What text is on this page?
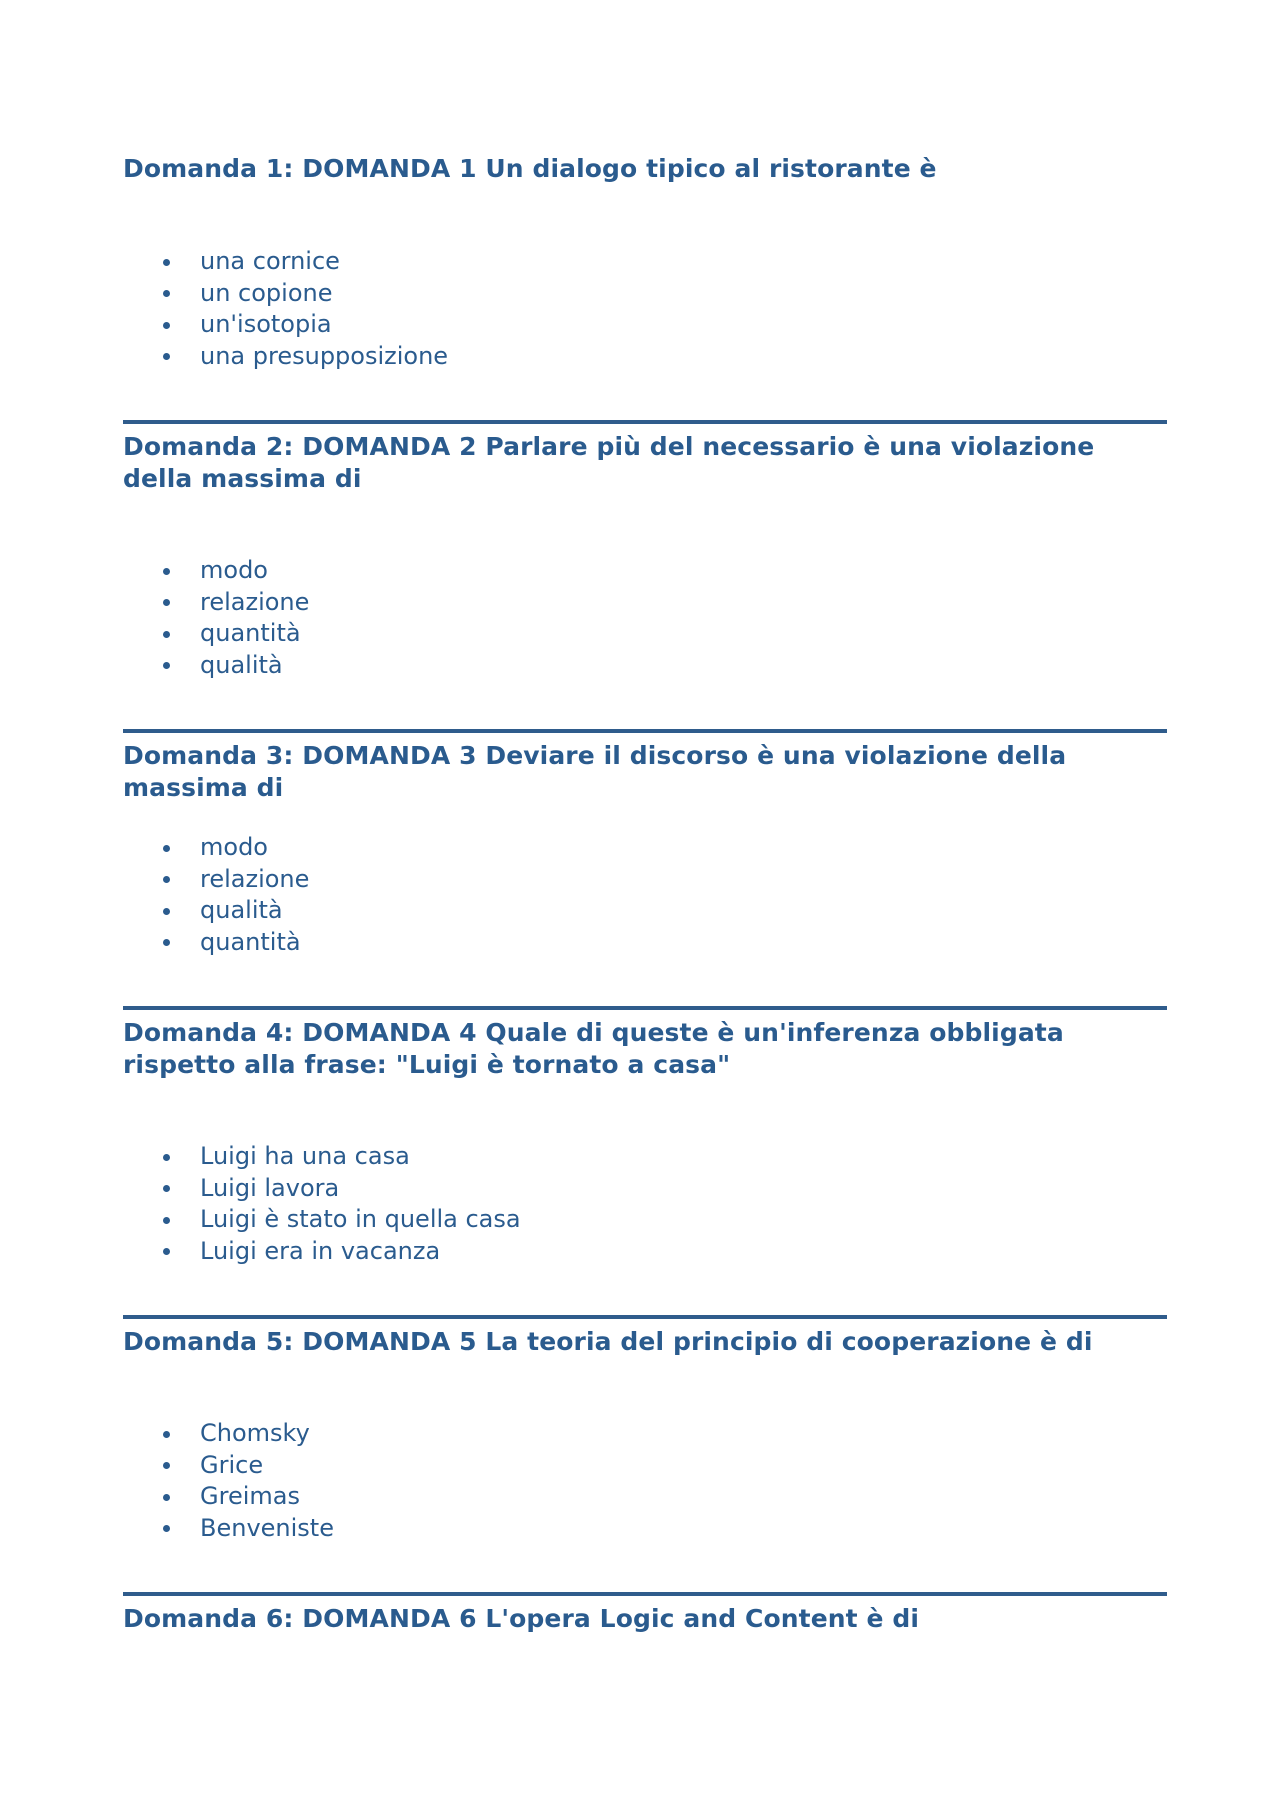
Domanda 1: DOMANDA 1 Un dialogo tipico al ristorante è
una cornice
un copione
un'isotopia
una presupposizione
Domanda 2: DOMANDA 2 Parlare più del necessario è una violazione della massima di
modo
relazione
quantità
qualità
Domanda 3: DOMANDA 3 Deviare il discorso è una violazione della massima di
modo
relazione
qualità
quantità
Domanda 4: DOMANDA 4 Quale di queste è un'inferenza obbligata rispetto alla frase: "Luigi è tornato a casa"
Luigi ha una casa
Luigi lavora
Luigi è stato in quella casa
Luigi era in vacanza
Domanda 5: DOMANDA 5 La teoria del principio di cooperazione è di
Chomsky
Grice
Greimas
Benveniste
Domanda 6: DOMANDA 6 L'opera Logic and Content è di
